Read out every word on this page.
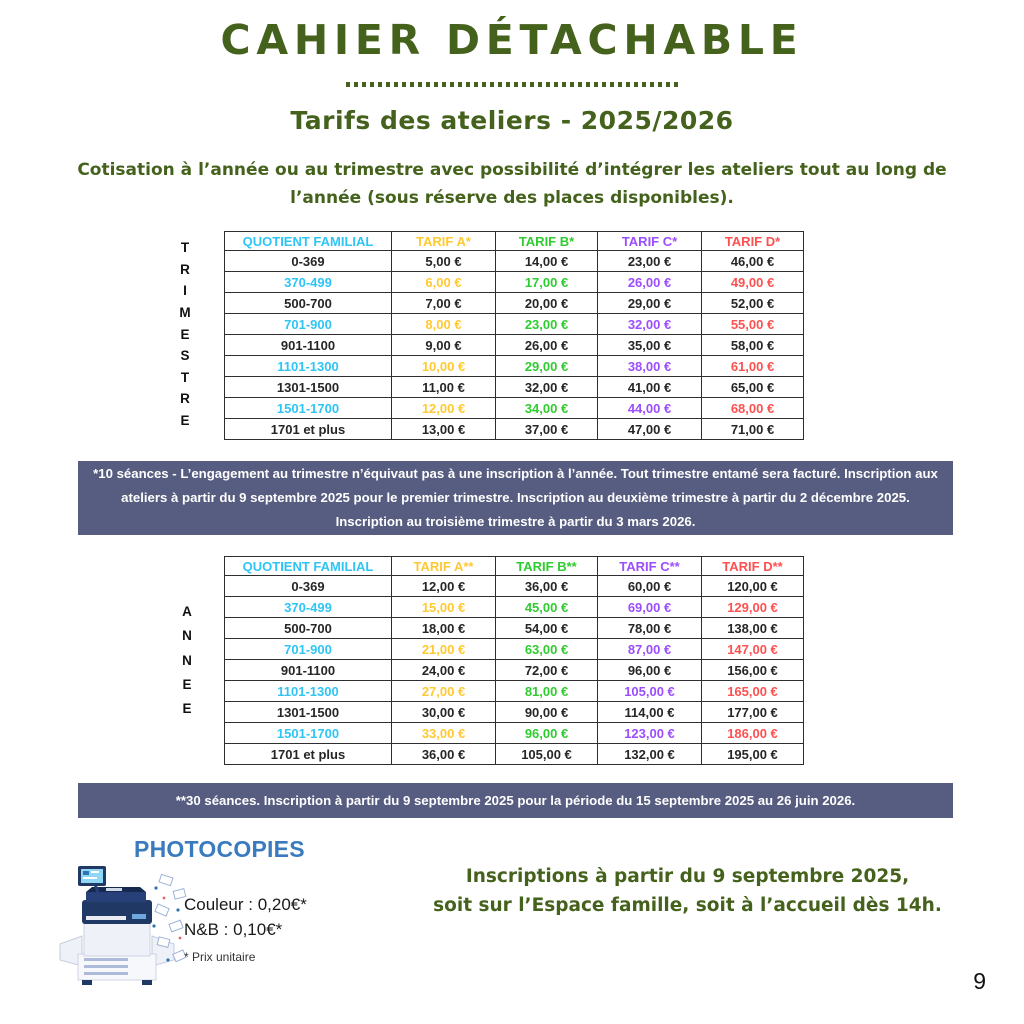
CAHIER DÉTACHABLE
Tarifs des ateliers - 2025/2026
Cotisation à l’année ou au trimestre avec possibilité d’intégrer les ateliers tout au long de l’année (sous réserve des places disponibles).
T
R
I
M
E
S
T
R
E
QUOTIENT FAMILIAL	TARIF A*	TARIF B*	TARIF C*	TARIF D*
0-369	5,00 €	14,00 €	23,00 €	46,00 €
370-499	6,00 €	17,00 €	26,00 €	49,00 €
500-700	7,00 €	20,00 €	29,00 €	52,00 €
701-900	8,00 €	23,00 €	32,00 €	55,00 €
901-1100	9,00 €	26,00 €	35,00 €	58,00 €
1101-1300	10,00 €	29,00 €	38,00 €	61,00 €
1301-1500	11,00 €	32,00 €	41,00 €	65,00 €
1501-1700	12,00 €	34,00 €	44,00 €	68,00 €
1701 et plus	13,00 €	37,00 €	47,00 €	71,00 €
*10 séances - L’engagement au trimestre n’équivaut pas à une inscription à l’année. Tout trimestre entamé sera facturé. Inscription aux ateliers à partir du 9 septembre 2025 pour le premier trimestre. Inscription au deuxième trimestre à partir du 2 décembre 2025. Inscription au troisième trimestre à partir du 3 mars 2026.
A
N
N
E
E
QUOTIENT FAMILIAL	TARIF A**	TARIF B**	TARIF C**	TARIF D**
0-369	12,00 €	36,00 €	60,00 €	120,00 €
370-499	15,00 €	45,00 €	69,00 €	129,00 €
500-700	18,00 €	54,00 €	78,00 €	138,00 €
701-900	21,00 €	63,00 €	87,00 €	147,00 €
901-1100	24,00 €	72,00 €	96,00 €	156,00 €
1101-1300	27,00 €	81,00 €	105,00 €	165,00 €
1301-1500	30,00 €	90,00 €	114,00 €	177,00 €
1501-1700	33,00 €	96,00 €	123,00 €	186,00 €
1701 et plus	36,00 €	105,00 €	132,00 €	195,00 €
**30 séances. Inscription à partir du 9 septembre 2025 pour la période du 15 septembre 2025 au 26 juin 2026.
PHOTOCOPIES
Couleur : 0,20€*
N&B : 0,10€*
* Prix unitaire
Inscriptions à partir du 9 septembre 2025,
soit sur l’Espace famille, soit à l’accueil dès 14h.
9
